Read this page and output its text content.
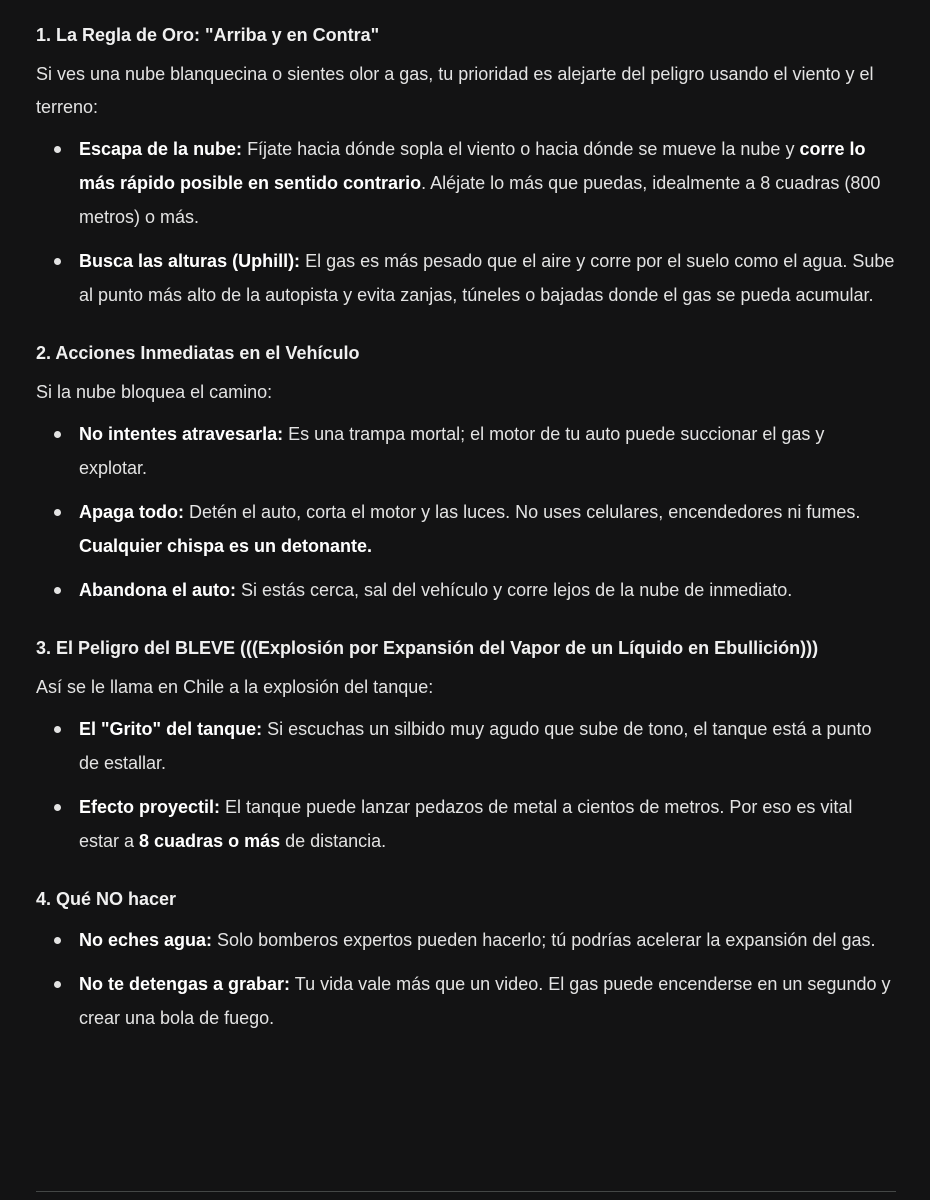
1. La Regla de Oro: "Arriba y en Contra"

Si ves una nube blanquecina o sientes olor a gas, tu prioridad es alejarte del peligro usando el viento y el terreno:

Escapa de la nube: Fíjate hacia dónde sopla el viento o hacia dónde se mueve la nube y corre lo más rápido posible en sentido contrario. Aléjate lo más que puedas, idealmente a 8 cuadras (800 metros) o más.
Busca las alturas (Uphill): El gas es más pesado que el aire y corre por el suelo como el agua. Sube al punto más alto de la autopista y evita zanjas, túneles o bajadas donde el gas se pueda acumular.

2. Acciones Inmediatas en el Vehículo

Si la nube bloquea el camino:

No intentes atravesarla: Es una trampa mortal; el motor de tu auto puede succionar el gas y explotar.
Apaga todo: Detén el auto, corta el motor y las luces. No uses celulares, encendedores ni fumes. Cualquier chispa es un detonante.
Abandona el auto: Si estás cerca, sal del vehículo y corre lejos de la nube de inmediato.

3. El Peligro del BLEVE (((Explosión por Expansión del Vapor de un Líquido en Ebullición)))

Así se le llama en Chile a la explosión del tanque:

El "Grito" del tanque: Si escuchas un silbido muy agudo que sube de tono, el tanque está a punto de estallar.
Efecto proyectil: El tanque puede lanzar pedazos de metal a cientos de metros. Por eso es vital estar a 8 cuadras o más de distancia.

4. Qué NO hacer

No eches agua: Solo bomberos expertos pueden hacerlo; tú podrías acelerar la expansión del gas.
No te detengas a grabar: Tu vida vale más que un video. El gas puede encenderse en un segundo y crear una bola de fuego.
